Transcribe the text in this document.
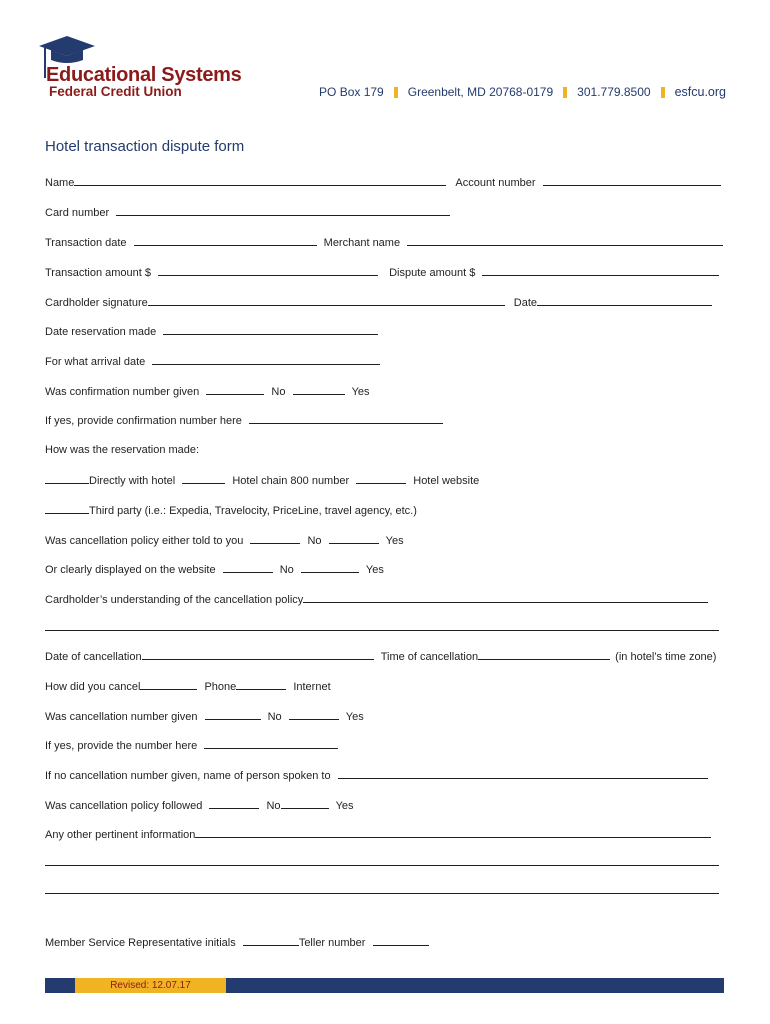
Educational Systems
Federal Credit Union	PO Box 179 Greenbelt, MD 20768-0179 301.779.8500 esfcu.org
Hotel transaction dispute form
Name	Account number
Card number
Transaction date	Merchant name
Transaction amount $	Dispute amount $
Cardholder signature	Date
Date reservation made
For what arrival date
Was confirmation number given	No	Yes
If yes, provide confirmation number here
How was the reservation made:
Directly with hotel	Hotel chain 800 number	Hotel website
Third party (i.e.: Expedia, Travelocity, PriceLine, travel agency, etc.)
Was cancellation policy either told to you	No	Yes
Or clearly displayed on the website	No	Yes
Cardholder’s understanding of the cancellation policy
Date of cancellation	Time of cancellation	(in hotel’s time zone)
How did you cancel	Phone	Internet
Was cancellation number given	No	Yes
If yes, provide the number here
If no cancellation number given, name of person spoken to
Was cancellation policy followed	No	Yes
Any other pertinent information
Member Service Representative initials	Teller number
Revised: 12.07.17
